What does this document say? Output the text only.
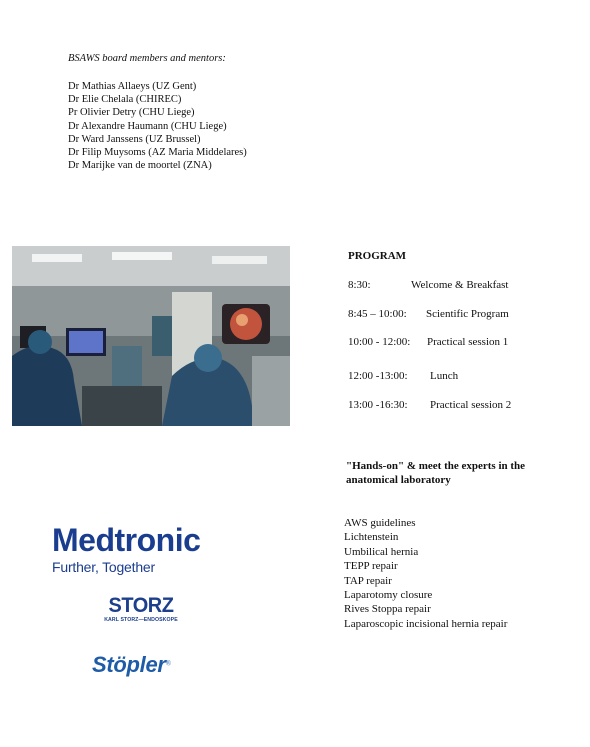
BSAWS board members and mentors:
Dr Mathias Allaeys (UZ Gent)
Dr Elie Chelala (CHIREC)
Pr Olivier Detry (CHU Liege)
Dr Alexandre Haumann (CHU Liege)
Dr Ward Janssens (UZ Brussel)
Dr Filip Muysoms (AZ Maria Middelares)
Dr Marijke van de moortel (ZNA)
PROGRAM
8:30:	Welcome & Breakfast
8:45 – 10:00: Scientific Program
10:00 - 12:00: Practical session 1
12:00 -13:00: Lunch
13:00 -16:30: Practical session 2
"Hands-on" & meet the experts in the anatomical laboratory
AWS guidelines
Lichtenstein
Umbilical hernia
TEPP repair
TAP repair
Laparotomy closure
Rives Stoppa repair
Laparoscopic incisional hernia repair
Medtronic
Further, Together
STORZ
KARL STORZ—ENDOSKOPE
Stöpler®
